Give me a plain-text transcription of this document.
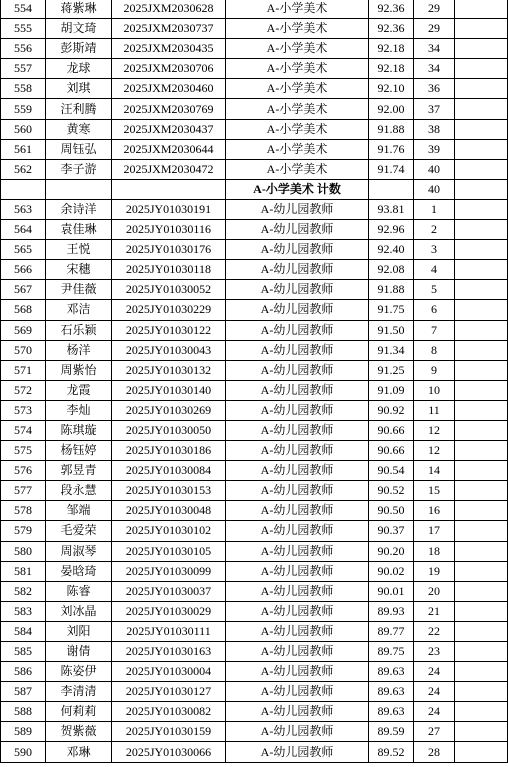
554	蒋紫琳	2025JXM2030628	A-小学美术	92.36	29	
555	胡文琦	2025JXM2030737	A-小学美术	92.36	29	
556	彭斯靖	2025JXM2030435	A-小学美术	92.18	34	
557	龙球	2025JXM2030706	A-小学美术	92.18	34	
558	刘琪	2025JXM2030460	A-小学美术	92.10	36	
559	汪利腾	2025JXM2030769	A-小学美术	92.00	37	
560	黄寒	2025JXM2030437	A-小学美术	91.88	38	
561	周钰弘	2025JXM2030644	A-小学美术	91.76	39	
562	李子游	2025JXM2030472	A-小学美术	91.74	40	
			A-小学美术 计数		40	
563	余诗洋	2025JY01030191	A-幼儿园教师	93.81	1	
564	袁佳琳	2025JY01030116	A-幼儿园教师	92.96	2	
565	王悦	2025JY01030176	A-幼儿园教师	92.40	3	
566	宋穗	2025JY01030118	A-幼儿园教师	92.08	4	
567	尹佳薇	2025JY01030052	A-幼儿园教师	91.88	5	
568	邓洁	2025JY01030229	A-幼儿园教师	91.75	6	
569	石乐颖	2025JY01030122	A-幼儿园教师	91.50	7	
570	杨洋	2025JY01030043	A-幼儿园教师	91.34	8	
571	周紫怡	2025JY01030132	A-幼儿园教师	91.25	9	
572	龙霞	2025JY01030140	A-幼儿园教师	91.09	10	
573	李灿	2025JY01030269	A-幼儿园教师	90.92	11	
574	陈琪璇	2025JY01030050	A-幼儿园教师	90.66	12	
575	杨钰婷	2025JY01030186	A-幼儿园教师	90.66	12	
576	郭昱青	2025JY01030084	A-幼儿园教师	90.54	14	
577	段永慧	2025JY01030153	A-幼儿园教师	90.52	15	
578	邹端	2025JY01030048	A-幼儿园教师	90.50	16	
579	毛爱荣	2025JY01030102	A-幼儿园教师	90.37	17	
580	周淑琴	2025JY01030105	A-幼儿园教师	90.20	18	
581	晏晗琦	2025JY01030099	A-幼儿园教师	90.02	19	
582	陈睿	2025JY01030037	A-幼儿园教师	90.01	20	
583	刘冰晶	2025JY01030029	A-幼儿园教师	89.93	21	
584	刘阳	2025JY01030111	A-幼儿园教师	89.77	22	
585	谢倩	2025JY01030163	A-幼儿园教师	89.75	23	
586	陈姿伊	2025JY01030004	A-幼儿园教师	89.63	24	
587	李清清	2025JY01030127	A-幼儿园教师	89.63	24	
588	何莉莉	2025JY01030082	A-幼儿园教师	89.63	24	
589	贺紫薇	2025JY01030159	A-幼儿园教师	89.59	27	
590	邓琳	2025JY01030066	A-幼儿园教师	89.52	28	
